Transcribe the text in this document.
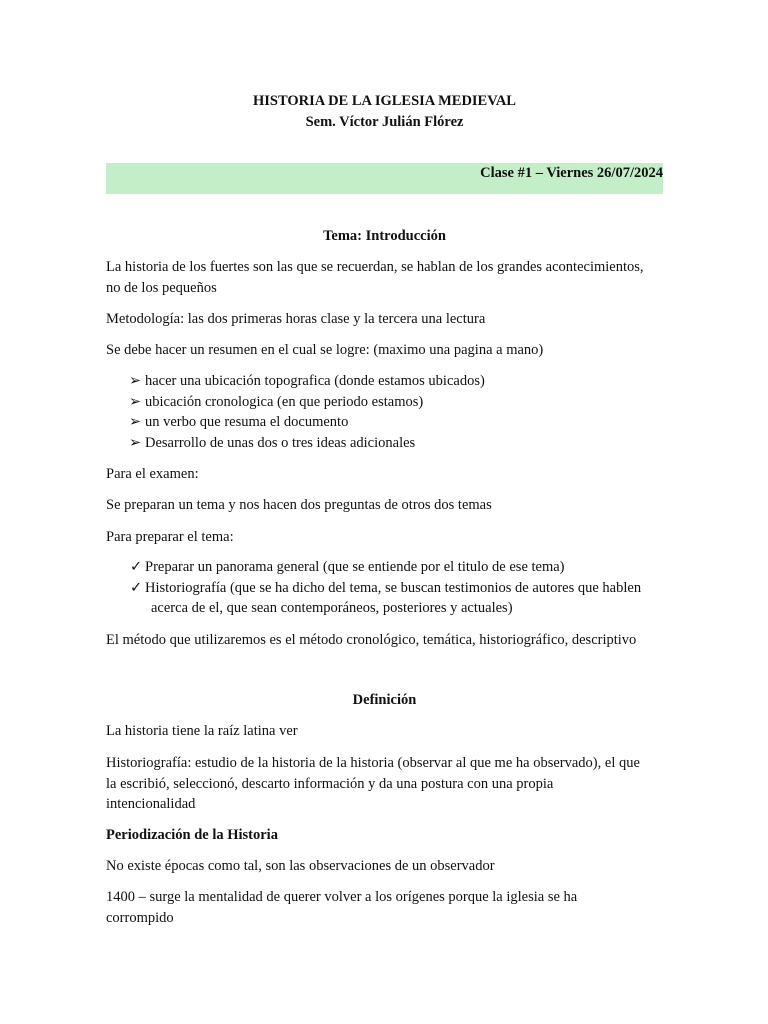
HISTORIA DE LA IGLESIA MEDIEVAL
Sem. Víctor Julián Flórez
Clase #1 – Viernes 26/07/2024
Tema: Introducción
La historia de los fuertes son las que se recuerdan, se hablan de los grandes acontecimientos,
no de los pequeños
Metodología: las dos primeras horas clase y la tercera una lectura
Se debe hacer un resumen en el cual se logre: (maximo una pagina a mano)
➢ hacer una ubicación topografica (donde estamos ubicados)
➢ ubicación cronologica (en que periodo estamos)
➢ un verbo que resuma el documento
➢ Desarrollo de unas dos o tres ideas adicionales
Para el examen:
Se preparan un tema y nos hacen dos preguntas de otros dos temas
Para preparar el tema:
✓ Preparar un panorama general (que se entiende por el titulo de ese tema)
✓ Historiografía (que se ha dicho del tema, se buscan testimonios de autores que hablen
acerca de el, que sean contemporáneos, posteriores y actuales)
El método que utilizaremos es el método cronológico, temática, historiográfico, descriptivo
Definición
La historia tiene la raíz latina ver
Historiografía: estudio de la historia de la historia (observar al que me ha observado), el que
la escribió, seleccionó, descarto información y da una postura con una propia
intencionalidad
Periodización de la Historia
No existe épocas como tal, son las observaciones de un observador
1400 – surge la mentalidad de querer volver a los orígenes porque la iglesia se ha
corrompido
